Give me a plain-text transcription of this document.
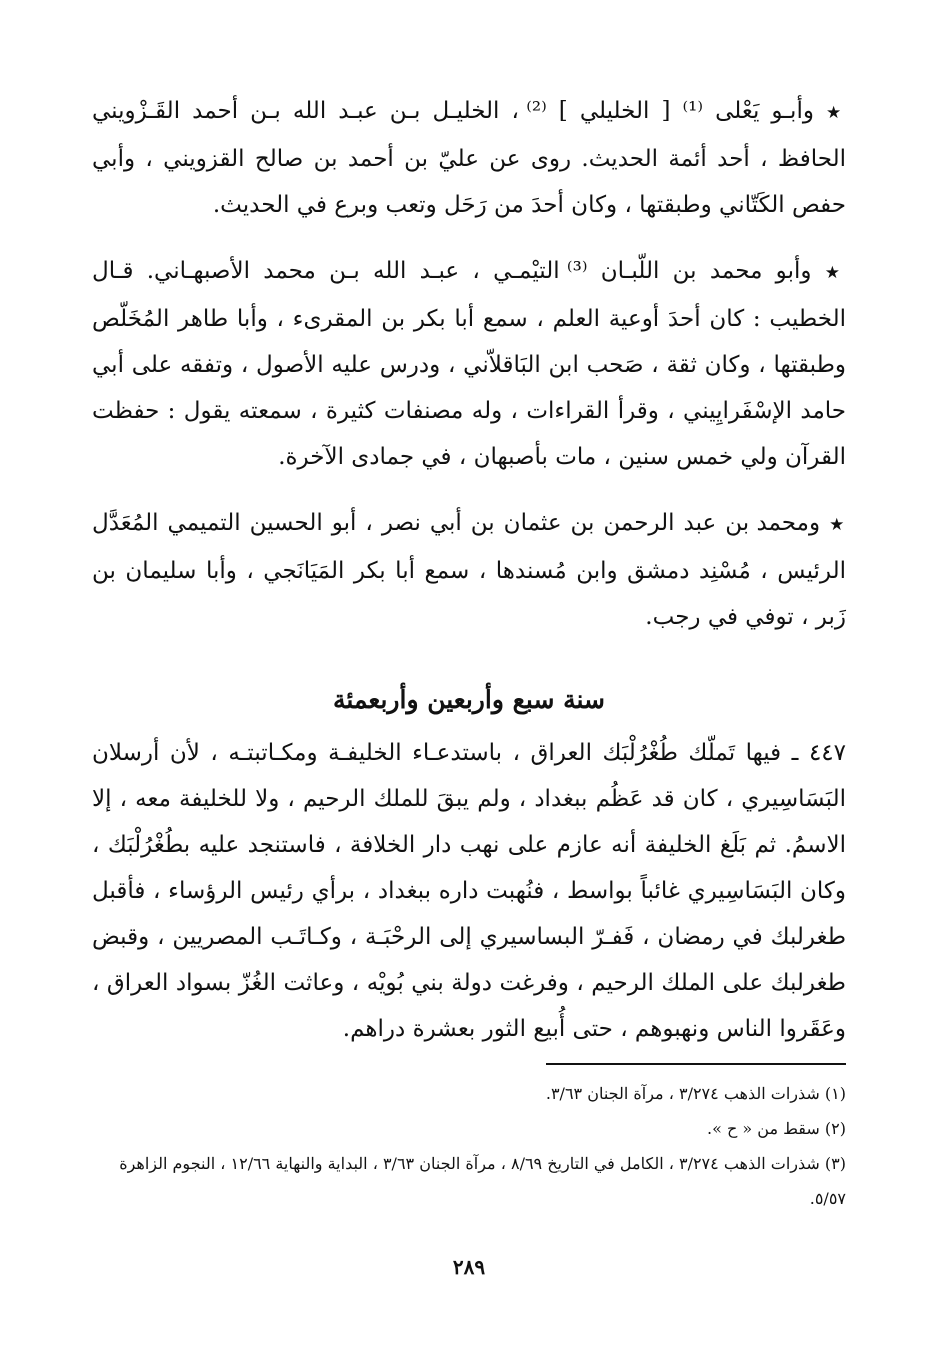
★ وأبـو يَعْلى ⁽¹⁾ [ الخليلي ] ⁽²⁾ ، الخليـل بـن عبـد الله بـن أحمد القَـزْويني الحافظ ، أحد أئمة الحديث. روى عن عليّ بن أحمد بن صالح القزويني ، وأبي حفص الكَتّاني وطبقتها ، وكان أحدَ من رَحَل وتعب وبرع في الحديث.

★ وأبو محمد بن اللّبـان ⁽³⁾ التيْمـي ، عبـد الله بـن محمد الأصبهـاني. قـال الخطيب : كان أحدَ أوعية العلم ، سمع أبا بكر بن المقرىء ، وأبا طاهر المُخَلّص وطبقتها ، وكان ثقة ، صَحب ابن البَاقلاّني ، ودرس عليه الأصول ، وتفقه على أبي حامد الإسْفَرايِيني ، وقرأ القراءات ، وله مصنفات كثيرة ، سمعته يقول : حفظت القرآن ولي خمس سنين ، مات بأصبهان ، في جمادى الآخرة.

★ ومحمد بن عبد الرحمن بن عثمان بن أبي نصر ، أبو الحسين التميمي المُعَدَّل الرئيس ، مُسْنِد دمشق وابن مُسندها ، سمع أبا بكر المَيَانَجي ، وأبا سليمان بن زَبر ، توفي في رجب.

سنة سبع وأربعين وأربعمئة

٤٤٧ ـ فيها تَملّك طُغْرُلْبَك العراق ، باستدعـاء الخليفـة ومكـاتبتـه ، لأن أرسلان البَسَاسِيري ، كان قد عَظُم ببغداد ، ولم يبقَ للملك الرحيم ، ولا للخليفة معه ، إلا الاسمُ. ثم بَلَغ الخليفة أنه عازم على نهب دار الخلافة ، فاستنجد عليه بطُغْرُلْبَك ، وكان البَسَاسِيري غائباً بواسط ، فنُهبت داره ببغداد ، برأي رئيس الرؤساء ، فأقبل طغرلبك في رمضان ، فَفـرّ البساسيري إلى الرحْبَـة ، وكـاتَـب المصريين ، وقبض طغرلبك على الملك الرحيم ، وفرغت دولة بني بُويْه ، وعاثت الغُزّ بسواد العراق ، وعَقَروا الناس ونهبوهم ، حتى أُبيع الثور بعشرة دراهم.

(١) شذرات الذهب ٣/٢٧٤ ، مرآة الجنان ٣/٦٣.

(٢) سقط من « ح ».

(٣) شذرات الذهب ٣/٢٧٤ ، الكامل في التاريخ ٨/٦٩ ، مرآة الجنان ٣/٦٣ ، البداية والنهاية ١٢/٦٦ ، النجوم الزاهرة ٥/٥٧.

٢٨٩
